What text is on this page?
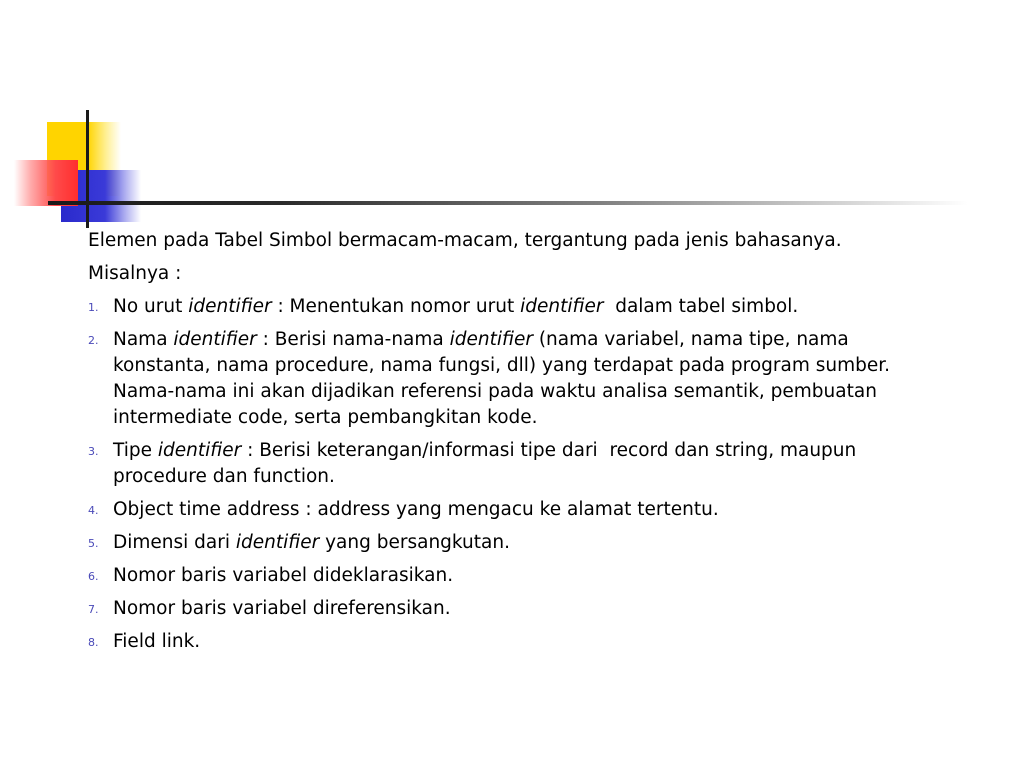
Elemen pada Tabel Simbol bermacam-macam, tergantung pada jenis bahasanya.

Misalnya :

1. No urut identifier : Menentukan nomor urut identifier  dalam tabel simbol.
2. Nama identifier : Berisi nama-nama identifier (nama variabel, nama tipe, nama konstanta, nama procedure, nama fungsi, dll) yang terdapat pada program sumber. Nama-nama ini akan dijadikan referensi pada waktu analisa semantik, pembuatan intermediate code, serta pembangkitan kode.
3. Tipe identifier : Berisi keterangan/informasi tipe dari  record dan string, maupun procedure dan function.
4. Object time address : address yang mengacu ke alamat tertentu.
5. Dimensi dari identifier yang bersangkutan.
6. Nomor baris variabel dideklarasikan.
7. Nomor baris variabel direferensikan.
8. Field link.
